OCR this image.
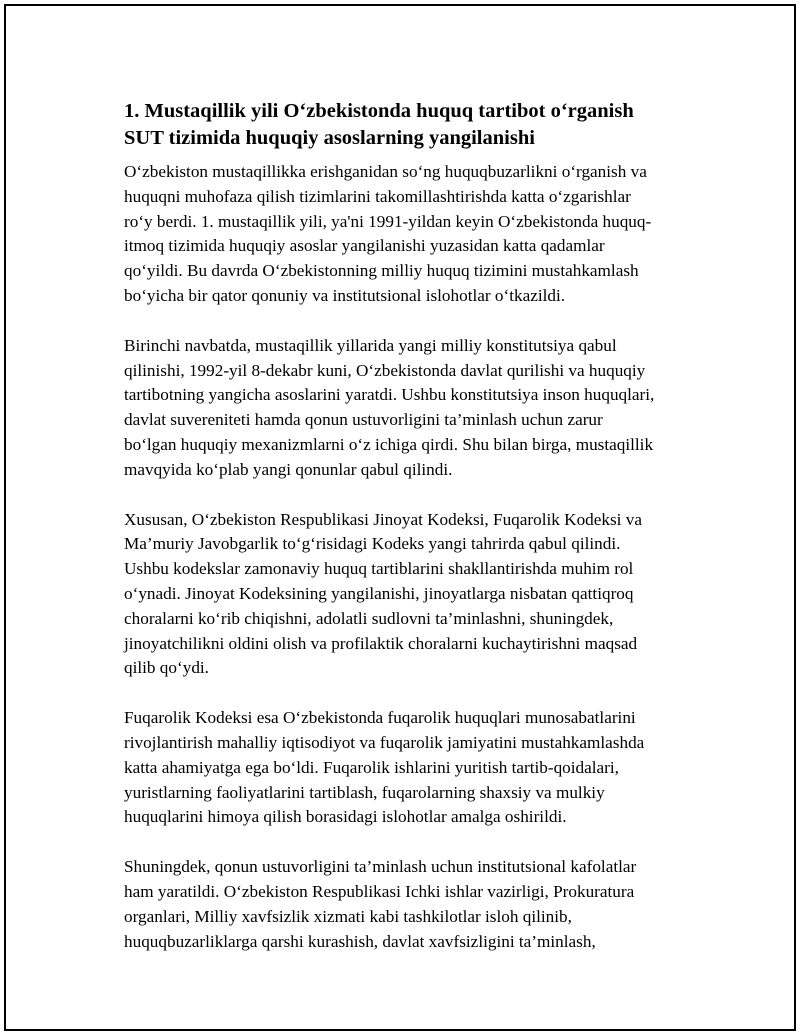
1. Mustaqillik yili O‘zbekistonda huquq tartibot o‘rganish
SUT tizimida huquqiy asoslarning yangilanishi

O‘zbekiston mustaqillikka erishganidan so‘ng huquqbuzarlikni o‘rganish va
huquqni muhofaza qilish tizimlarini takomillashtirishda katta o‘zgarishlar
ro‘y berdi. 1. mustaqillik yili, ya'ni 1991-yildan keyin O‘zbekistonda huquq-
itmoq tizimida huquqiy asoslar yangilanishi yuzasidan katta qadamlar
qo‘yildi. Bu davrda O‘zbekistonning milliy huquq tizimini mustahkamlash
bo‘yicha bir qator qonuniy va institutsional islohotlar o‘tkazildi.

Birinchi navbatda, mustaqillik yillarida yangi milliy konstitutsiya qabul
qilinishi, 1992-yil 8-dekabr kuni, O‘zbekistonda davlat qurilishi va huquqiy
tartibotning yangicha asoslarini yaratdi. Ushbu konstitutsiya inson huquqlari,
davlat suvereniteti hamda qonun ustuvorligini ta’minlash uchun zarur
bo‘lgan huquqiy mexanizmlarni o‘z ichiga qirdi. Shu bilan birga, mustaqillik
mavqyida ko‘plab yangi qonunlar qabul qilindi.

Xususan, O‘zbekiston Respublikasi Jinoyat Kodeksi, Fuqarolik Kodeksi va
Ma’muriy Javobgarlik to‘g‘risidagi Kodeks yangi tahrirda qabul qilindi.
Ushbu kodekslar zamonaviy huquq tartiblarini shakllantirishda muhim rol
o‘ynadi. Jinoyat Kodeksining yangilanishi, jinoyatlarga nisbatan qattiqroq
choralarni ko‘rib chiqishni, adolatli sudlovni ta’minlashni, shuningdek,
jinoyatchilikni oldini olish va profilaktik choralarni kuchaytirishni maqsad
qilib qo‘ydi.

Fuqarolik Kodeksi esa O‘zbekistonda fuqarolik huquqlari munosabatlarini
rivojlantirish mahalliy iqtisodiyot va fuqarolik jamiyatini mustahkamlashda
katta ahamiyatga ega bo‘ldi. Fuqarolik ishlarini yuritish tartib-qoidalari,
yuristlarning faoliyatlarini tartiblash, fuqarolarning shaxsiy va mulkiy
huquqlarini himoya qilish borasidagi islohotlar amalga oshirildi.

Shuningdek, qonun ustuvorligini ta’minlash uchun institutsional kafolatlar
ham yaratildi. O‘zbekiston Respublikasi Ichki ishlar vazirligi, Prokuratura
organlari, Milliy xavfsizlik xizmati kabi tashkilotlar isloh qilinib,
huquqbuzarliklarga qarshi kurashish, davlat xavfsizligini ta’minlash,
